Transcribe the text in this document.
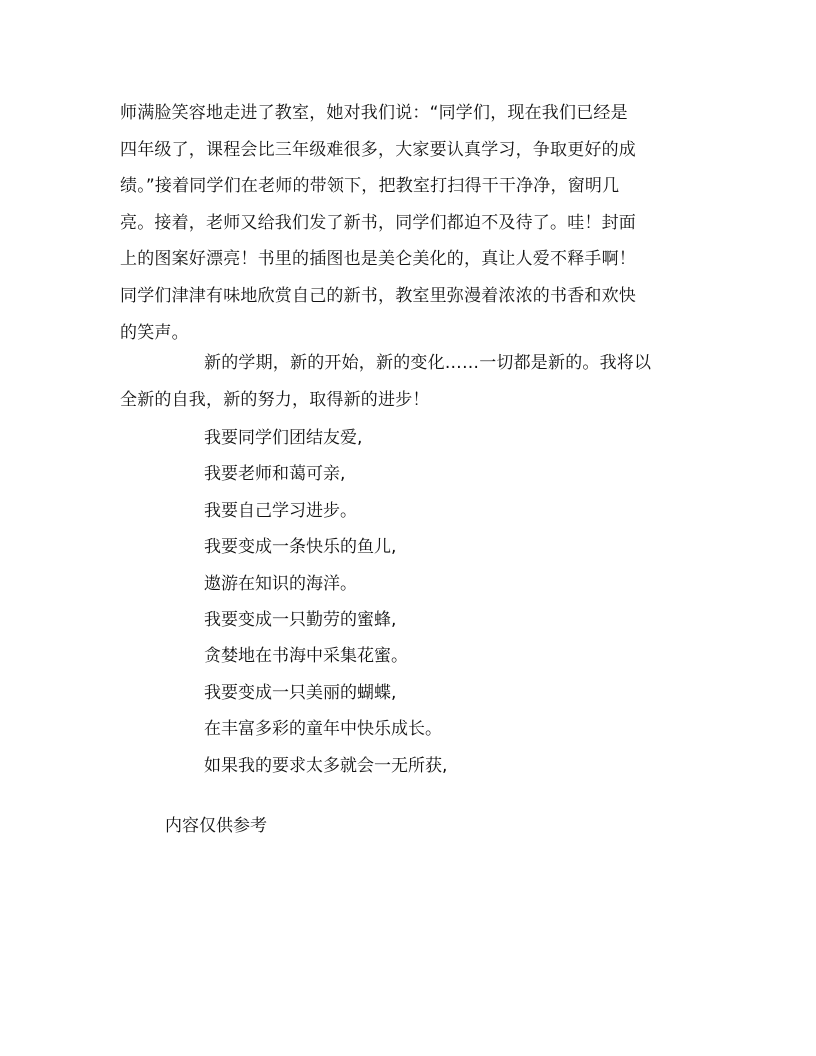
师满脸笑容地走进了教室，她对我们说：“同学们，现在我们已经是
四年级了，课程会比三年级难很多，大家要认真学习，争取更好的成
绩。”接着同学们在老师的带领下，把教室打扫得干干净净，窗明几
亮。接着，老师又给我们发了新书，同学们都迫不及待了。哇！封面
上的图案好漂亮！书里的插图也是美仑美化的，真让人爱不释手啊！
同学们津津有味地欣赏自己的新书，教室里弥漫着浓浓的书香和欢快
的笑声。
新的学期，新的开始，新的变化……一切都是新的。我将以
全新的自我，新的努力，取得新的进步！
我要同学们团结友爱,
我要老师和蔼可亲,
我要自己学习进步。
我要变成一条快乐的鱼儿,
遨游在知识的海洋。
我要变成一只勤劳的蜜蜂,
贪婪地在书海中采集花蜜。
我要变成一只美丽的蝴蝶,
在丰富多彩的童年中快乐成长。
如果我的要求太多就会一无所获,
内容仅供参考
